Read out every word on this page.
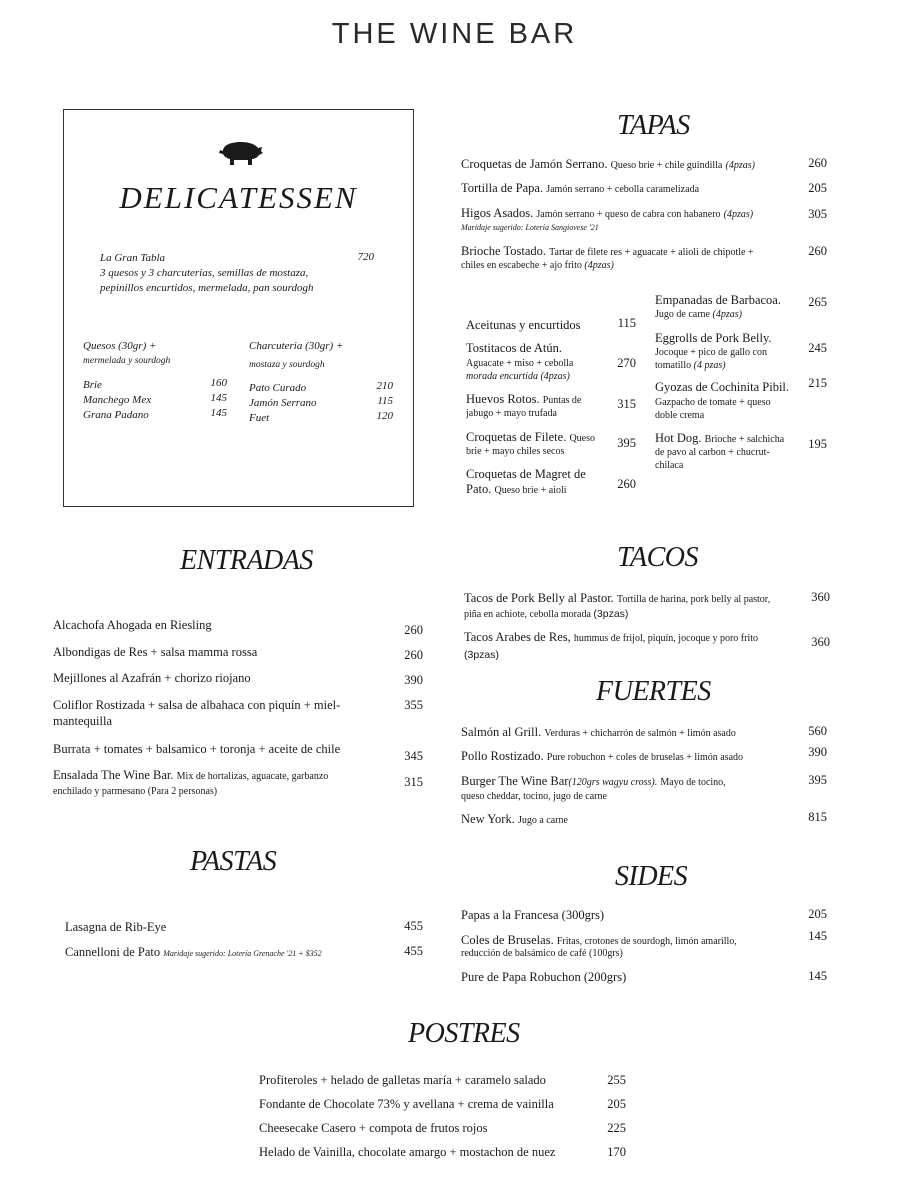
THE WINE BAR
DELICATESSEN
La Gran Tabla	720
3 quesos y 3 charcuterias, semillas de mostaza,
pepinillos encurtidos, mermelada, pan sourdogh
Quesos (30gr) +
mermelada y sourdogh
Brie	160
Manchego Mex	145
Grana Padano	145
Charcuteria (30gr) +
mostaza y sourdogh
Pato Curado	210
Jamón Serrano	115
Fuet	120
TAPAS
Croquetas de Jamón Serrano. Queso brie + chile guindilla (4pzas)	260
Tortilla de Papa. Jamón serrano + cebolla caramelizada	205
Higos Asados. Jamón serrano + queso de cabra con habanero (4pzas)
Maridaje sugerido: Lotería Sangiovese '21
305
Brioche Tostado. Tartar de filete res + aguacate + alioli de chipotle +
chiles en escabeche + ajo frito (4pzas)
260
Aceitunas y encurtidos	115
Tostitacos de Atún.
Aguacate + miso + cebolla
morada encurtida (4pzas)
270
Huevos Rotos. Puntas de
jabugo + mayo trufada
315
Croquetas de Filete. Queso
brie + mayo chiles secos
395
Croquetas de Magret de
Pato. Queso brie + aioli	260
Empanadas de Barbacoa.
Jugo de carne (4pzas)
265
Eggrolls de Pork Belly.
Jocoque + pico de gallo con
tomatillo (4 pzas)
245
Gyozas de Cochinita Pibil.
Gazpacho de tomate + queso
doble crema
215
Hot Dog. Brioche + salchicha
de pavo al carbon + chucrut-
chilaca
195
ENTRADAS
Alcachofa Ahogada en Riesling	260
Albondigas de Res + salsa mamma rossa	260
Mejillones al Azafrán + chorizo riojano	390
Coliflor Rostizada + salsa de albahaca con piquín + miel-
mantequilla
355
Burrata + tomates + balsamico + toronja + aceite de chile	345
Ensalada The Wine Bar. Mix de hortalizas, aguacate, garbanzo
enchilado y parmesano (Para 2 personas)
315
TACOS
Tacos de Pork Belly al Pastor. Tortilla de harina, pork belly al pastor,
piña en achiote, cebolla morada (3pzas)
360
Tacos Arabes de Res, hummus de frijol, piquín, jocoque y poro frito
(3pzas)
360
FUERTES
Salmón al Grill. Verduras + chicharrón de salmón + limón asado	560
Pollo Rostizado. Pure robuchon + coles de bruselas + limón asado	390
Burger The Wine Bar(120grs wagyu cross). Mayo de tocino,
queso cheddar, tocino, jugo de carne
395
New York. Jugo a carne	815
PASTAS
Lasagna de Rib-Eye	455
Cannelloni de Pato Maridaje sugerido: Lotería Grenache '21 + $352	455
SIDES
Papas a la Francesa (300grs)	205
Coles de Bruselas. Fritas, crotones de sourdogh, limón amarillo,
reducción de balsámico de café (100grs)
145
Pure de Papa Robuchon (200grs)	145
POSTRES
Profiteroles + helado de galletas maría + caramelo salado	255
Fondante de Chocolate 73% y avellana + crema de vainilla	205
Cheesecake Casero + compota de frutos rojos	225
Helado de Vainilla, chocolate amargo + mostachon de nuez	170
